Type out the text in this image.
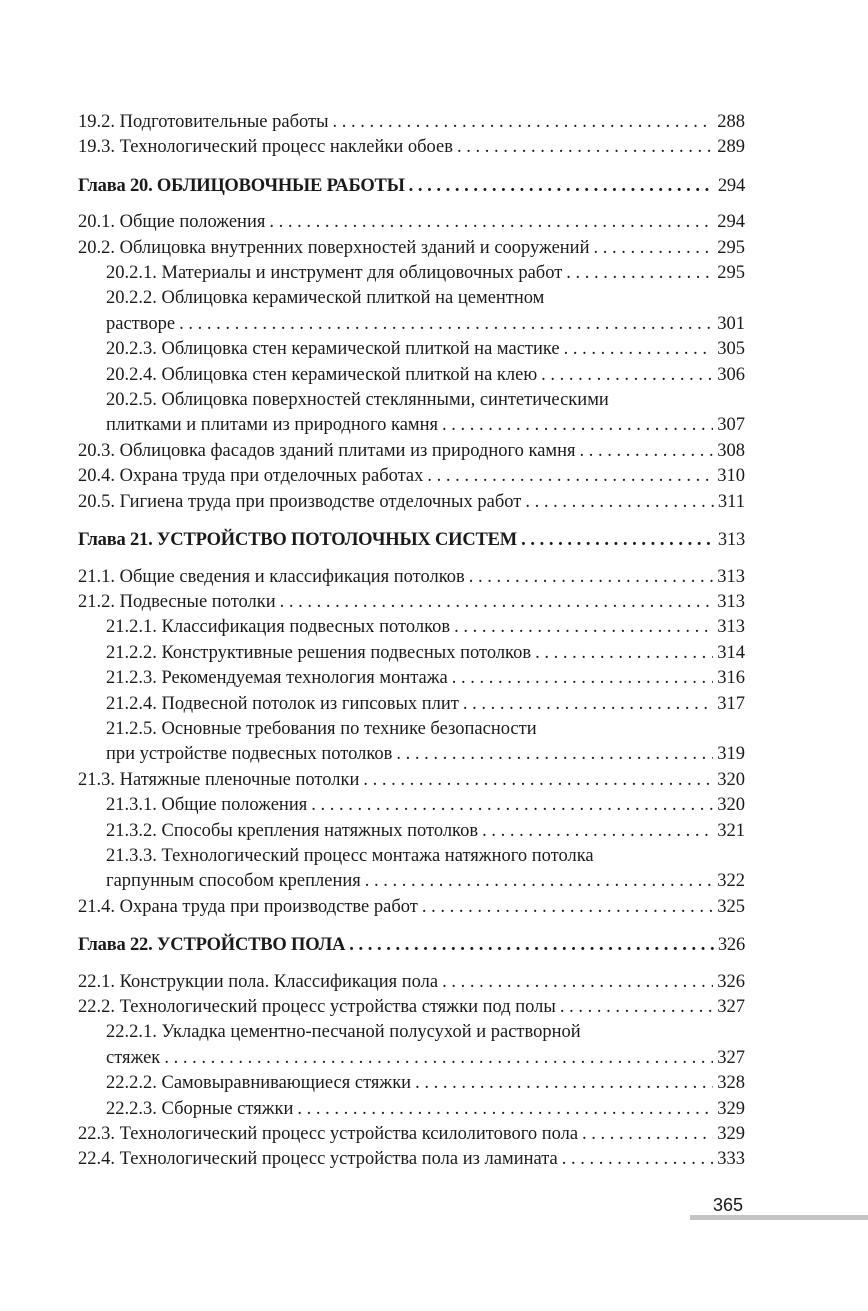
19.2. Подготовительные работы . . .	288
19.3. Технологический процесс наклейки обоев . . .	289
Глава 20. ОБЛИЦОВОЧНЫЕ РАБОТЫ . . .	294
20.1. Общие положения . . .	294
20.2. Облицовка внутренних поверхностей зданий и сооружений . . .	295
20.2.1. Материалы и инструмент для облицовочных работ . . .	295
20.2.2. Облицовка керамической плиткой на цементном
растворе . . .	301
20.2.3. Облицовка стен керамической плиткой на мастике . . .	305
20.2.4. Облицовка стен керамической плиткой на клею . . .	306
20.2.5. Облицовка поверхностей стеклянными, синтетическими
плитками и плитами из природного камня . . .	307
20.3. Облицовка фасадов зданий плитами из природного камня . . .	308
20.4. Охрана труда при отделочных работах . . .	310
20.5. Гигиена труда при производстве отделочных работ . . .	311
Глава 21. УСТРОЙСТВО ПОТОЛОЧНЫХ СИСТЕМ . . .	313
21.1. Общие сведения и классификация потолков . . .	313
21.2. Подвесные потолки . . .	313
21.2.1. Классификация подвесных потолков . . .	313
21.2.2. Конструктивные решения подвесных потолков . . .	314
21.2.3. Рекомендуемая технология монтажа . . .	316
21.2.4. Подвесной потолок из гипсовых плит . . .	317
21.2.5. Основные требования по технике безопасности
при устройстве подвесных потолков . . .	319
21.3. Натяжные пленочные потолки . . .	320
21.3.1. Общие положения . . .	320
21.3.2. Способы крепления натяжных потолков . . .	321
21.3.3. Технологический процесс монтажа натяжного потолка
гарпунным способом крепления . . .	322
21.4. Охрана труда при производстве работ . . .	325
Глава 22. УСТРОЙСТВО ПОЛА . . .	326
22.1. Конструкции пола. Классификация пола . . .	326
22.2. Технологический процесс устройства стяжки под полы . . .	327
22.2.1. Укладка цементно-песчаной полусухой и растворной
стяжек . . .	327
22.2.2. Самовыравнивающиеся стяжки . . .	328
22.2.3. Сборные стяжки . . .	329
22.3. Технологический процесс устройства ксилолитового пола . . .	329
22.4. Технологический процесс устройства пола из ламината . . .	333
365
